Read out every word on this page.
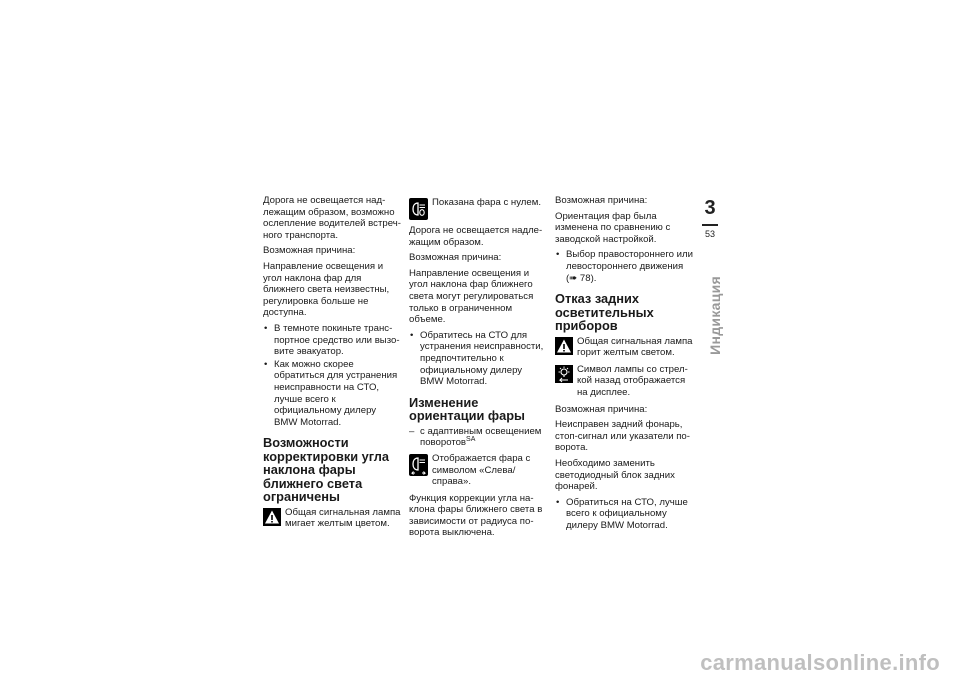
Дорога не освещается надлежащим образом, возможно ослепление водителей встречного транспорта.

Возможная причина:

Направление освещения и угол наклона фар для ближнего света неизвестны, регулировка больше не доступна.

• В темноте покиньте транспортное средство или вызовите эвакуатор.
• Как можно скорее обратиться для устранения неисправности на СТО, лучше всего к официальному дилеру BMW Motorrad.
Возможности корректировки угла наклона фары ближнего света ограничены
Общая сигнальная лампа мигает желтым цветом.
Показана фара с нулем.

Дорога не освещается надлежащим образом.

Возможная причина:

Направление освещения и угол наклона фар ближнего света могут регулироваться только в ограниченном объеме.

• Обратитесь на СТО для устранения неисправности, предпочтительно к официальному дилеру BMW Motorrad.
Изменение ориентации фары
– с адаптивным освещением поворотов$^{SA}$
Отображается фара с символом «Слева/справа».

Функция коррекции угла наклона фары ближнего света в зависимости от радиуса поворота выключена.

Возможная причина:

Ориентация фар была изменена по сравнению с заводской настройкой.

• Выбор правостороннего или левостороннего движения (➠ 78).
Отказ задних осветительных приборов
Общая сигнальная лампа горит желтым светом.
Символ лампы со стрелкой назад отображается на дисплее.

Возможная причина:

Неисправен задний фонарь, стоп-сигнал или указатели поворота.

Необходимо заменить светодиодный блок задних фонарей.

• Обратиться на СТО, лучше всего к официальному дилеру BMW Motorrad.
3
53
Индикация
carmanualsonline.info
